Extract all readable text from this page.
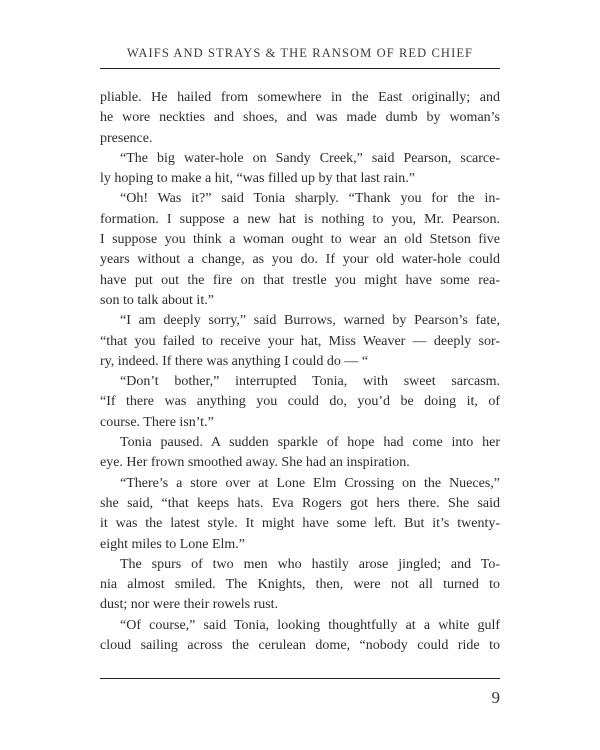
WAIFS AND STRAYS & THE RANSOM OF RED CHIEF

pliable. He hailed from somewhere in the East originally; and
he wore neckties and shoes, and was made dumb by woman’s
presence.

“The big water-hole on Sandy Creek,” said Pearson, scarce-
ly hoping to make a hit, “was filled up by that last rain.”

“Oh! Was it?” said Tonia sharply. “Thank you for the in-
formation. I suppose a new hat is nothing to you, Mr. Pearson.
I suppose you think a woman ought to wear an old Stetson five
years without a change, as you do. If your old water-hole could
have put out the fire on that trestle you might have some rea-
son to talk about it.”

“I am deeply sorry,” said Burrows, warned by Pearson’s fate,
“that you failed to receive your hat, Miss Weaver — deeply sor-
ry, indeed. If there was anything I could do — “

“Don’t bother,” interrupted Tonia, with sweet sarcasm.
“If there was anything you could do, you’d be doing it, of
course. There isn’t.”

Tonia paused. A sudden sparkle of hope had come into her
eye. Her frown smoothed away. She had an inspiration.

“There’s a store over at Lone Elm Crossing on the Nueces,”
she said, “that keeps hats. Eva Rogers got hers there. She said
it was the latest style. It might have some left. But it’s twenty-
eight miles to Lone Elm.”

The spurs of two men who hastily arose jingled; and To-
nia almost smiled. The Knights, then, were not all turned to
dust; nor were their rowels rust.

“Of course,” said Tonia, looking thoughtfully at a white gulf
cloud sailing across the cerulean dome, “nobody could ride to

9
